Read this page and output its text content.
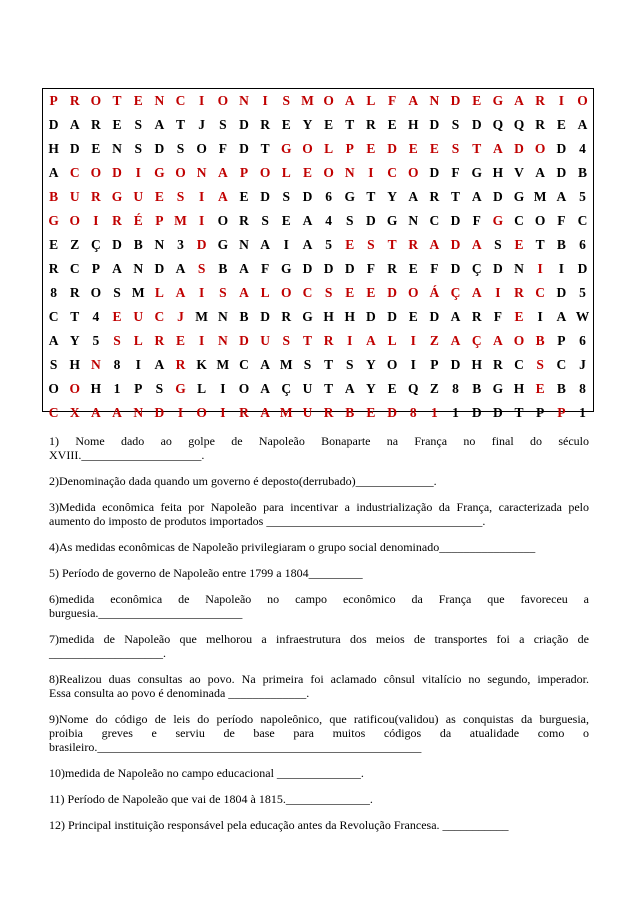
P R O T E N C	I O N	I	S M O A L F A N D E G A R	I O
D A R E S A T J	S D R E Y E T R E H D S D Q Q R E A
H D E N S D S O F D T G O L P E D E E S T A D O D 4
A C O D	I G O N A P O L E O N	I	C O D F G H V A D B
B U R G U E S	I	A E D S D 6 G T Y A R T A D G M A 5
G O I	R É P M I O R S E A 4	S D G N C D F G C O F C
E Z Ç D B N 3 D G N A	I	A 5 E S T R A D A S E T B 6
R C P A N D A S B A F G D D D F R E F D Ç D N	I	I	D
8 R O S M L A	I	S A L O C S E E D O Á Ç A	I	R C D 5
C T 4 E U C J M N B D R G H H D D E D A R F E	I	A W
A Y 5	S L R E	I	N D U S T R	I	A L	I	Z A Ç A O B P	6
S H N 8	I	A R K M C A M S T S Y O I	P D H R C S C J
O O H 1	P S G L	I O A Ç U T A Y E Q Z 8 B G H E B 8
C X A A N D	I O I	R A M U R B E D 8	1	1 D D T P P	1

1) Nome dado ao golpe de Napoleão Bonaparte na França no final do século
XVIII.____________________.

2)Denominação dada quando um governo é deposto(derrubado)_____________.

3)Medida econômica feita por Napoleão para incentivar a industrialização da França, caracterizada pelo
aumento do imposto de produtos importados ____________________________________.

4)As medidas econômicas de Napoleão privilegiaram o grupo social denominado________________

5) Período de governo de Napoleão entre 1799 a 1804_________

6)medida econômica de Napoleão no campo econômico da França que favoreceu a
burguesia.________________________

7)medida de Napoleão que melhorou a infraestrutura dos meios de transportes foi a criação de
___________________.

8)Realizou duas consultas ao povo. Na primeira foi aclamado cônsul vitalício no segundo, imperador.
Essa consulta ao povo é denominada _____________.

9)Nome do código de leis do período napoleônico, que ratificou(validou) as conquistas da burguesia,
proibia greves e serviu de base para muitos códigos da atualidade como o
brasileiro.______________________________________________________

10)medida de Napoleão no campo educacional ______________.

11) Período de Napoleão que vai de 1804 à 1815.______________.

12) Principal instituição responsável pela educação antes da Revolução Francesa. ___________
